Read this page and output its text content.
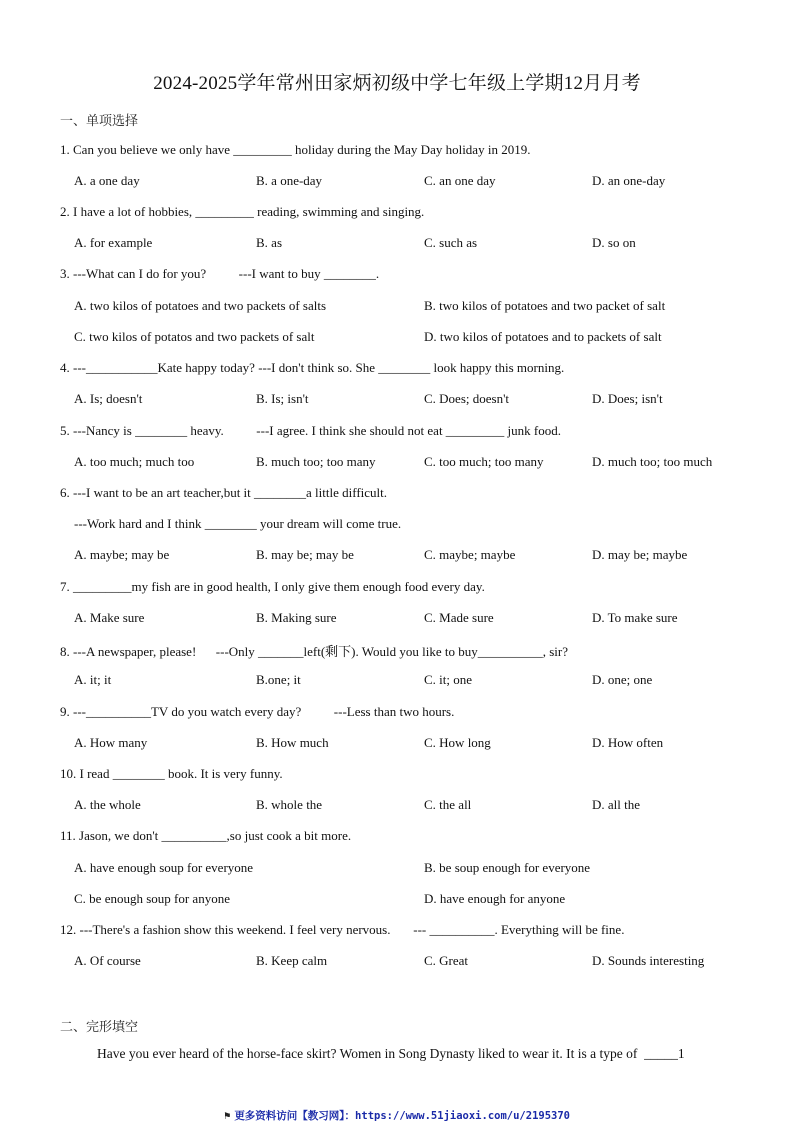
2024-2025学年常州田家炳初级中学七年级上学期12月月考
一、单项选择
1. Can you believe we only have _________ holiday during the May Day holiday in 2019.
A. a one day	B. a one-day	C. an one day	D. an one-day
2. I have a lot of hobbies, _________ reading, swimming and singing.
A. for example	B. as	C. such as	D. so on
3. ---What can I do for you?          ---I want to buy ________.
A. two kilos of potatoes and two packets of salts	B. two kilos of potatoes and two packet of salt
C. two kilos of potatos and two packets of salt	D. two kilos of potatoes and to packets of salt
4. ---___________Kate happy today? ---I don't think so. She ________ look happy this morning.
A. Is; doesn't	B. Is; isn't	C. Does; doesn't	D. Does; isn't
5. ---Nancy is ________ heavy.          ---I agree. I think she should not eat _________ junk food.
A. too much; much too	B. much too; too many	C. too much; too many	D. much too; too much
6. ---I want to be an art teacher,but it ________a little difficult.
---Work hard and I think ________ your dream will come true.
A. maybe; may be	B. may be; may be	C. maybe; maybe	D. may be; maybe
7. _________my fish are in good health, I only give them enough food every day.
A. Make sure	B. Making sure	C. Made sure	D. To make sure
8. ---A newspaper, please!      ---Only _______left(剩下). Would you like to buy__________, sir?
A. it; it	B.one; it	C. it; one	D. one; one
9. ---__________TV do you watch every day?          ---Less than two hours.
A. How many	B. How much	C. How long	D. How often
10. I read ________ book. It is very funny.
A. the whole	B. whole the	C. the all	D. all the
11. Jason, we don't __________,so just cook a bit more.
A. have enough soup for everyone	B. be soup enough for everyone
C. be enough soup for anyone	D. have enough for anyone
12. ---There's a fashion show this weekend. I feel very nervous.       --- __________. Everything will be fine.
A. Of course	B. Keep calm	C. Great	D. Sounds interesting
二、完形填空
Have you ever heard of the horse-face skirt? Women in Song Dynasty liked to wear it. It is a type of  _____1
⚑ 更多资料访问【教习网】：https://www.51jiaoxi.com/u/2195370
